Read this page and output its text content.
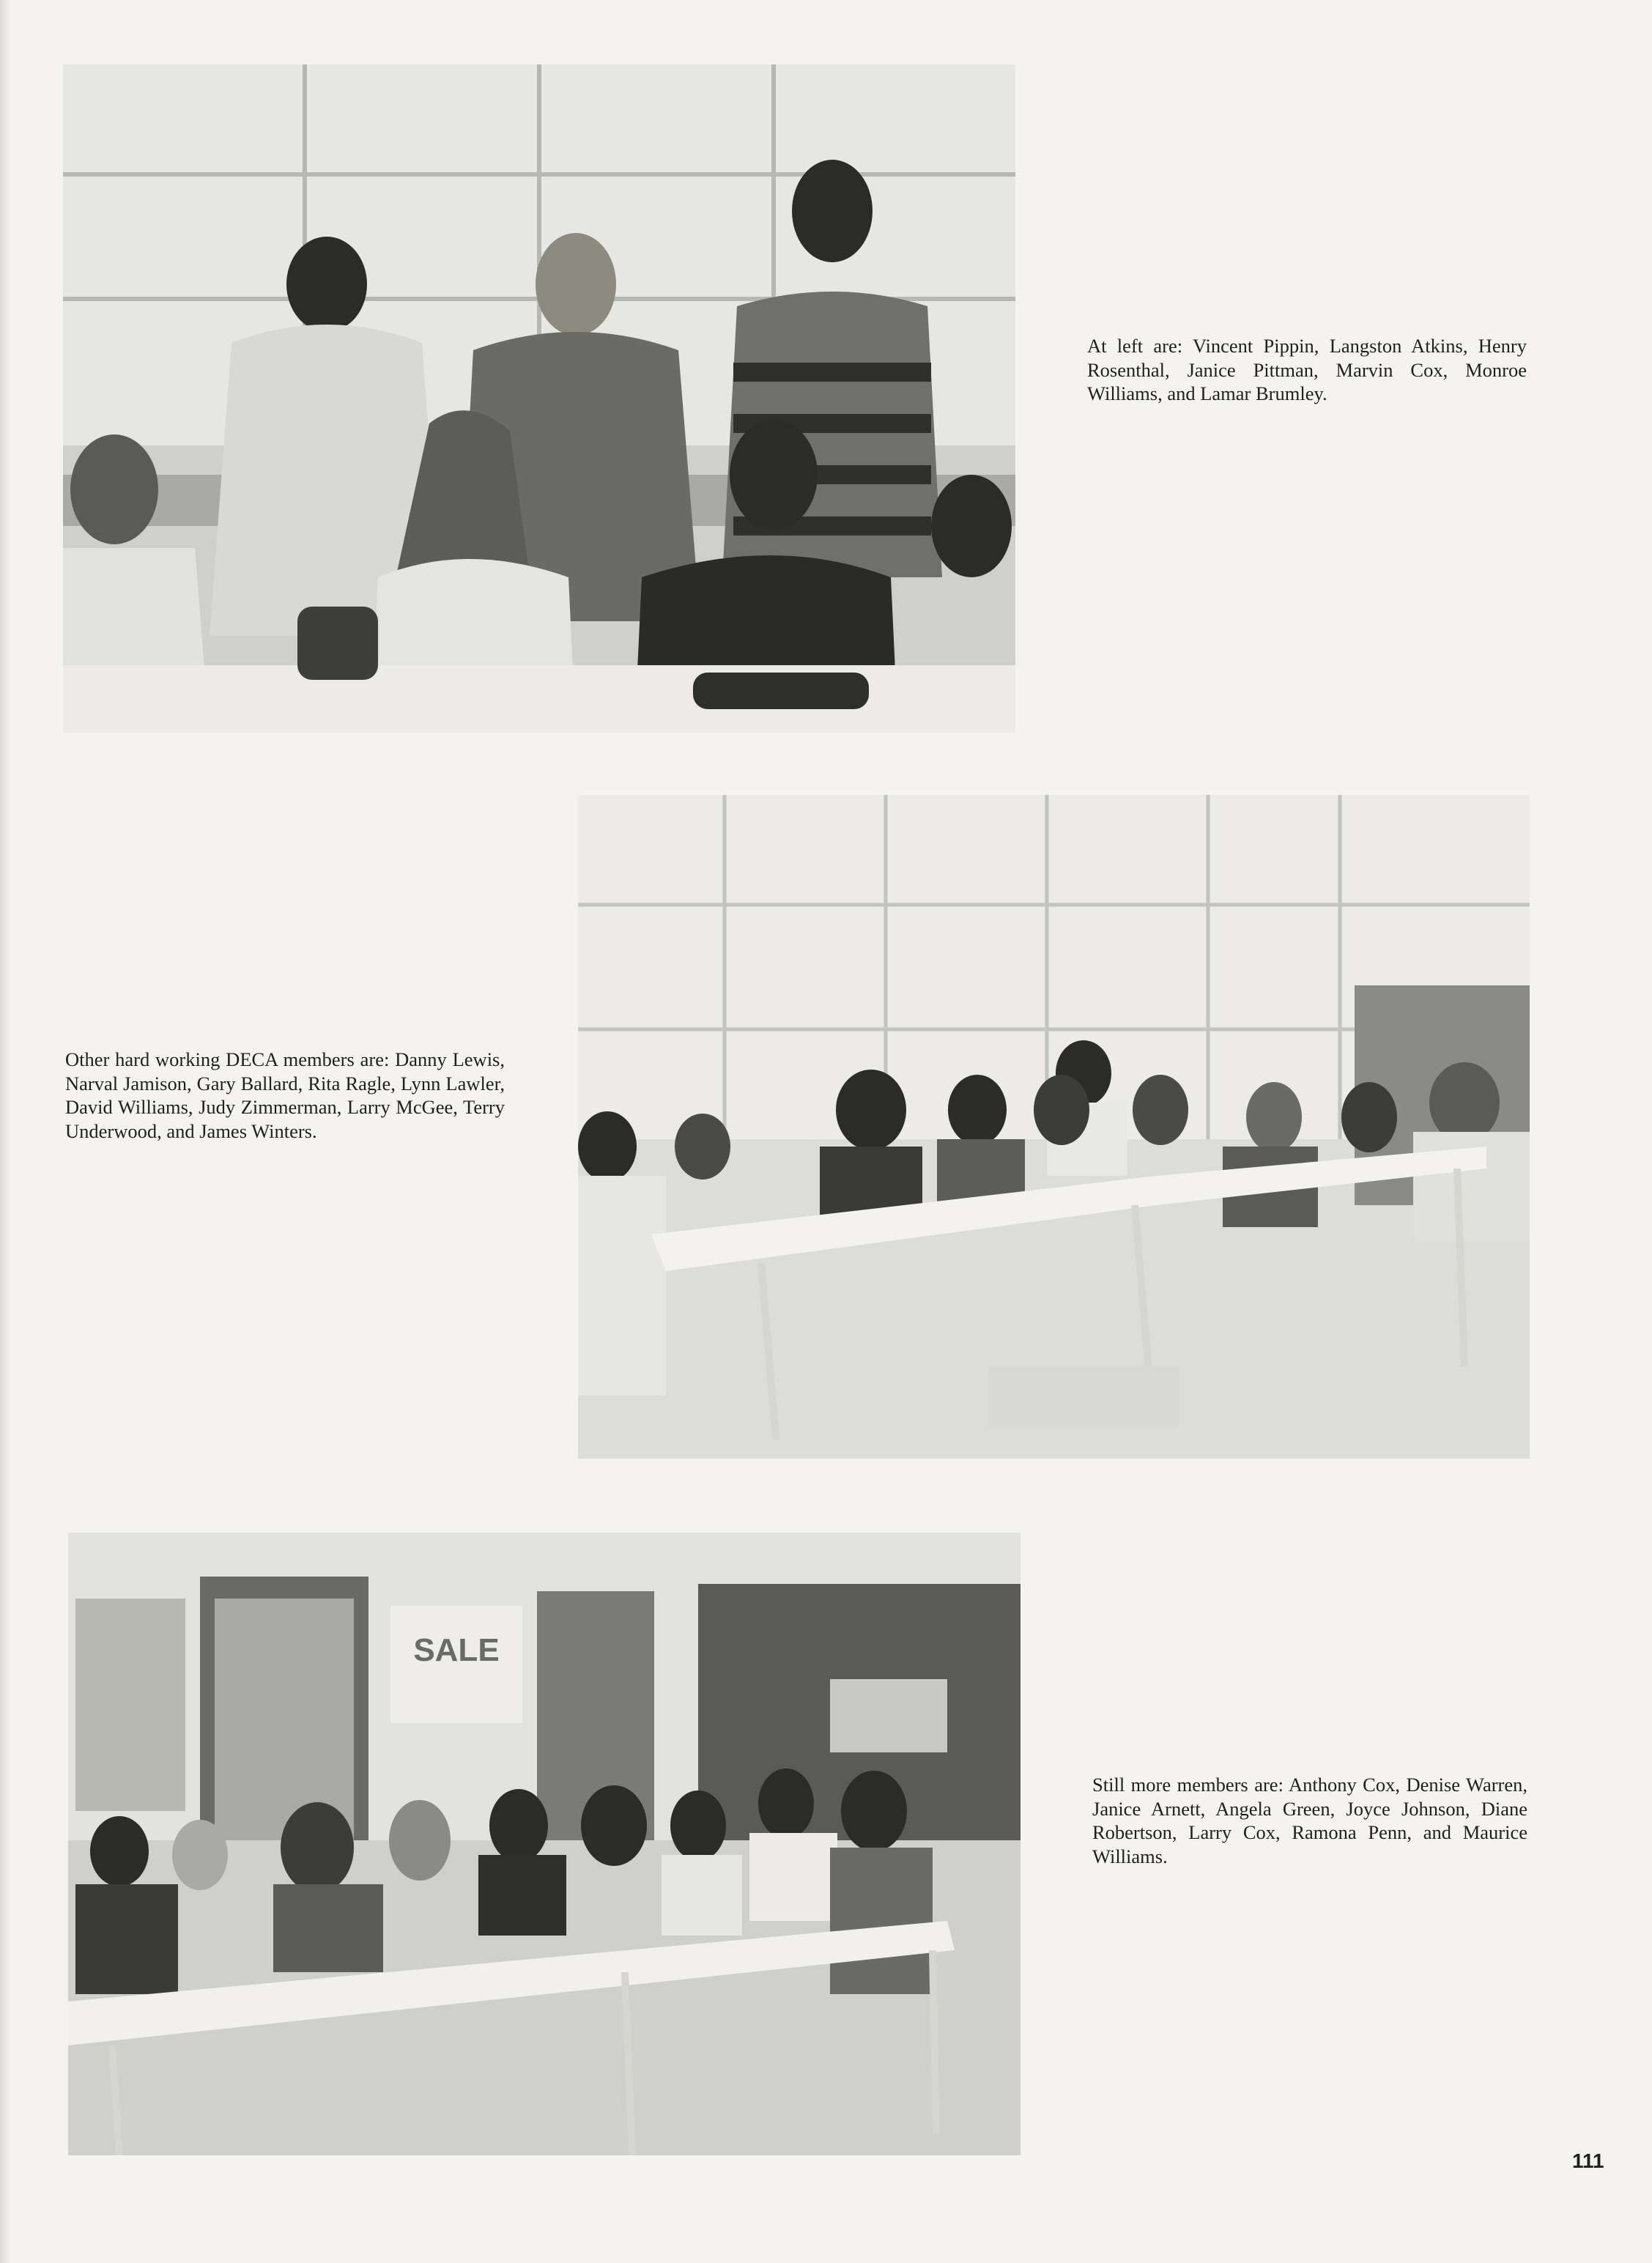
At left are: Vincent Pippin, Langston Atkins, Henry Rosenthal, Janice Pittman, Marvin Cox, Monroe Williams, and Lamar Brumley.

Other hard working DECA members are: Danny Lewis, Narval Jamison, Gary Ballard, Rita Ragle, Lynn Lawler, David Williams, Judy Zimmerman, Larry McGee, Terry Underwood, and James Winters.

SALE

Still more members are: Anthony Cox, Denise Warren, Janice Arnett, Angela Green, Joyce Johnson, Diane Robertson, Larry Cox, Ramona Penn, and Maurice Williams.

111
